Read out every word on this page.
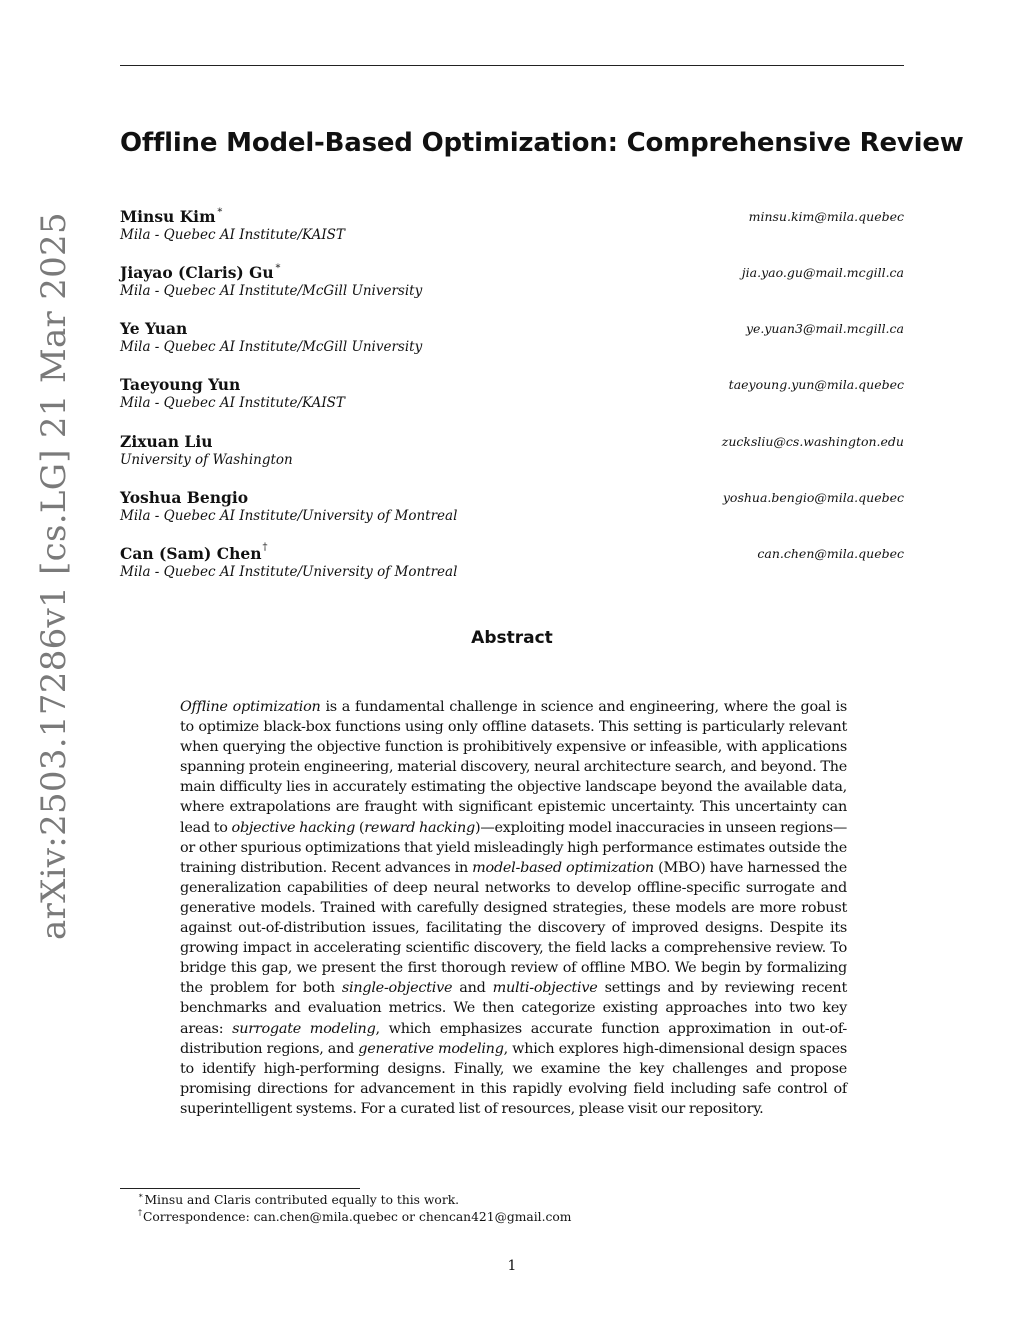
arXiv:2503.17286v1 [cs.LG] 21 Mar 2025
Offline Model-Based Optimization: Comprehensive Review
Minsu Kim∗	minsu.kim@mila.quebec
Mila - Quebec AI Institute/KAIST
Jiayao (Claris) Gu∗	jia.yao.gu@mail.mcgill.ca
Mila - Quebec AI Institute/McGill University
Ye Yuan	ye.yuan3@mail.mcgill.ca
Mila - Quebec AI Institute/McGill University
Taeyoung Yun	taeyoung.yun@mila.quebec
Mila - Quebec AI Institute/KAIST
Zixuan Liu	zucksliu@cs.washington.edu
University of Washington
Yoshua Bengio	yoshua.bengio@mila.quebec
Mila - Quebec AI Institute/University of Montreal
Can (Sam) Chen†	can.chen@mila.quebec
Mila - Quebec AI Institute/University of Montreal
Abstract

Offline optimization is a fundamental challenge in science and engineering, where the goal is to optimize black-box functions using only offline datasets. This setting is particularly relevant when querying the objective function is prohibitively expensive or infeasible, with applications spanning protein engineering, material discovery, neural architecture search, and beyond. The main difficulty lies in accurately estimating the objective landscape beyond the available data, where extrapolations are fraught with significant epistemic uncertainty. This uncertainty can lead to objective hacking (reward hacking)—exploiting model inaccuracies in unseen regions—or other spurious optimizations that yield misleadingly high performance estimates outside the training distribution. Recent advances in model-based optimization (MBO) have harnessed the generalization capabilities of deep neural networks to develop offline-specific surrogate and generative models. Trained with carefully designed strategies, these models are more robust against out-of-distribution issues, facilitating the discovery of improved designs. Despite its growing impact in accelerating scientific discovery, the field lacks a comprehensive review. To bridge this gap, we present the first thorough review of offline MBO. We begin by formalizing the problem for both single-objective and multi-objective settings and by reviewing recent benchmarks and evaluation metrics. We then categorize existing approaches into two key areas: surrogate modeling, which emphasizes accurate function approximation in out-of-distribution regions, and generative modeling, which explores high-dimensional design spaces to identify high-performing designs. Finally, we examine the key challenges and propose promising directions for advancement in this rapidly evolving field including safe control of superintelligent systems. For a curated list of resources, please visit our repository.

∗Minsu and Claris contributed equally to this work.
†Correspondence: can.chen@mila.quebec or chencan421@gmail.com
1
